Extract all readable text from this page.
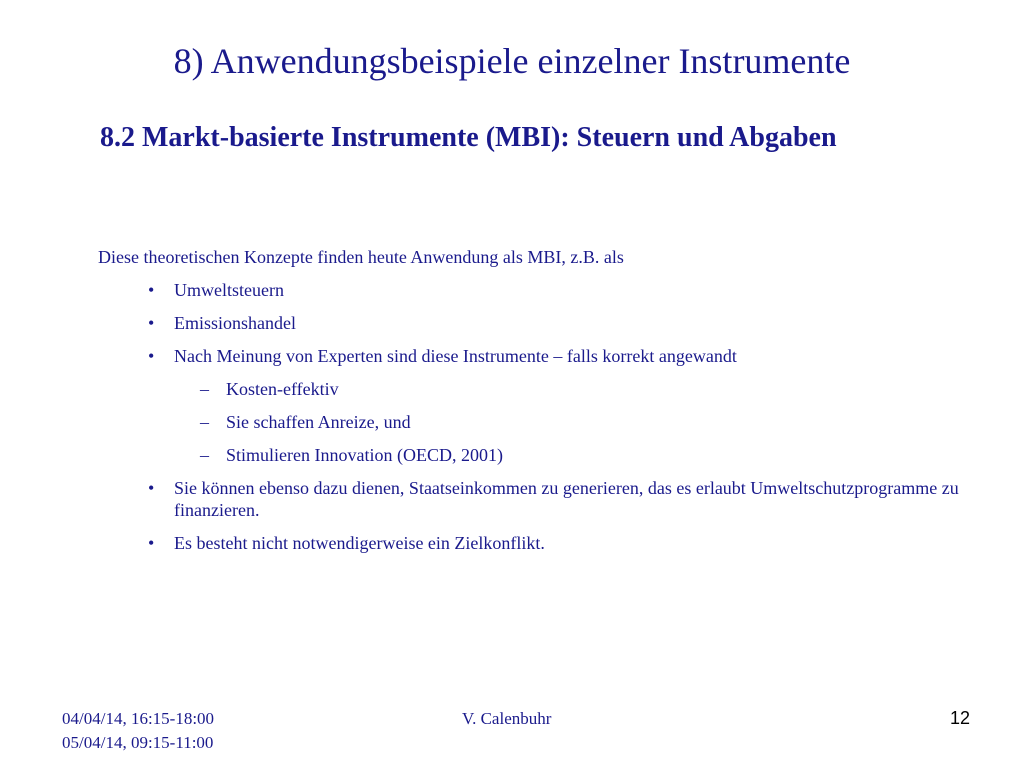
8) Anwendungsbeispiele einzelner Instrumente
8.2 Markt-basierte Instrumente (MBI): Steuern und Abgaben

Diese theoretischen Konzepte finden heute Anwendung als MBI, z.B. als

• Umweltsteuern
• Emissionshandel
• Nach Meinung von Experten sind diese Instrumente – falls korrekt angewandt
– Kosten-effektiv
– Sie schaffen Anreize, und
– Stimulieren Innovation (OECD, 2001)
• Sie können ebenso dazu dienen, Staatseinkommen zu generieren, das es erlaubt Umweltschutzprogramme zu finanzieren.
• Es besteht nicht notwendigerweise ein Zielkonflikt.
04/04/14, 16:15-18:00
05/04/14, 09:15-11:00
V. Calenbuhr	12
